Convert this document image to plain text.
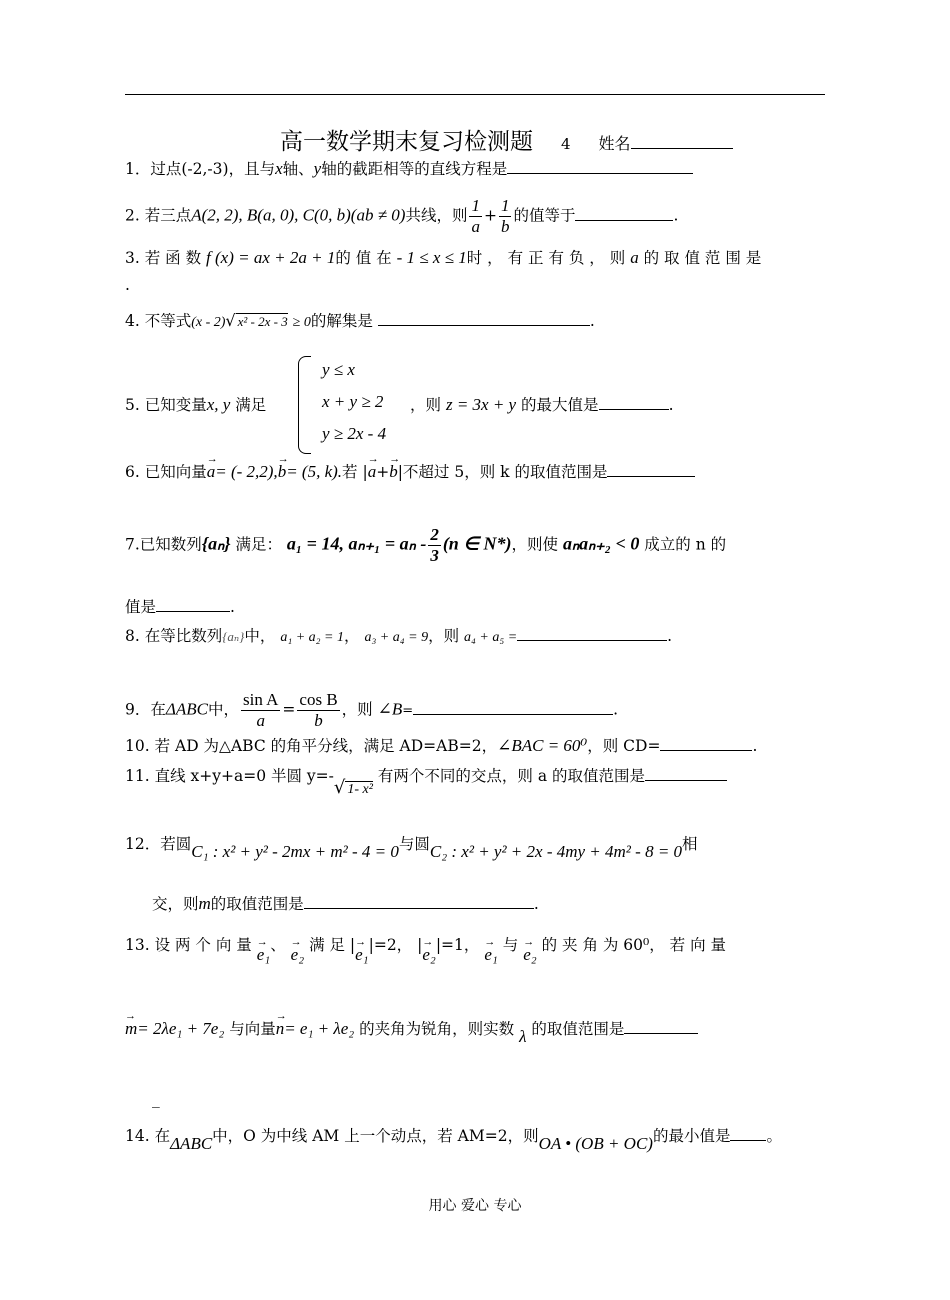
高一数学期末复习检测题 4 姓名
1．过点(-2,-3)，且与x轴、y轴的截距相等的直线方程是
2. 若三点A(2, 2), B(a, 0), C(0, b)(ab ≠ 0)共线，则 $\frac{1}{a} + \frac{1}{b}$ 的值等于	.
3. 若 函 数 f (x) = ax + 2a + 1的 值 在 - 1 ≤ x ≤ 1时 ， 有 正 有 负 ， 则 a 的 取 值 范 围 是
.
4. 不等式(x - 2)√ x² - 2x - 3 ≥ 0的解集是	.
y ≤ x
x + y ≥ 2
y ≥ 2x - 4
5. 已知变量x, y 满足	，则 z = 3x + y 的最大值是	.
6. 已知向量→ a= (- 2,2),→ b= (5, k).若 |→ a+→ b|不超过 5，则 k 的取值范围是
7.已知数列{aₙ} 满足： a₁ = 14, $a_{n+1} = a_n - \frac{2}{3} (n$ ∈ N*)，则使 aₙaₙ₊₂ < 0 成立的 n 的
值是	.
8. 在等比数列{aₙ}中， a₁ + a₂ = 1， a₃ + a₄ = 9，则 a₄ + a₅ =	.
9．在ΔABC中， $\frac{\text{sin A}}{a} = \frac{\text{cos B}}{b}$ ，则 ∠B=	.
10. 若 AD 为△ABC 的角平分线，满足 AD=AB=2，∠BAC = 60⁰，则 CD=	.
11. 直线 x+y+a=0 半圆 y=-√ 1- x² 有两个不同的交点，则 a 的取值范围是
12．若圆C₁ : x² + y² - 2mx + m² - 4 = 0与圆C₂ : x² + y² + 2x - 4my + 4m² - 8 = 0相
交，则m的取值范围是	.
13. 设 两 个 向 量 → e₁、 → e₂ 满 足 |→ e₁|=2， |→ e₂|=1， → e₁ 与 → e₂ 的 夹 角 为 60⁰， 若 向 量
→ m= 2λe₁ + 7e₂ 与向量→ n= e₁ + λe₂ 的夹角为锐角，则实数 λ 的取值范围是
_
14. 在ΔABC中，O 为中线 AM 上一个动点，若 AM=2，则OA • (OB + OC)的最小值是 。
用心 爱心 专心
